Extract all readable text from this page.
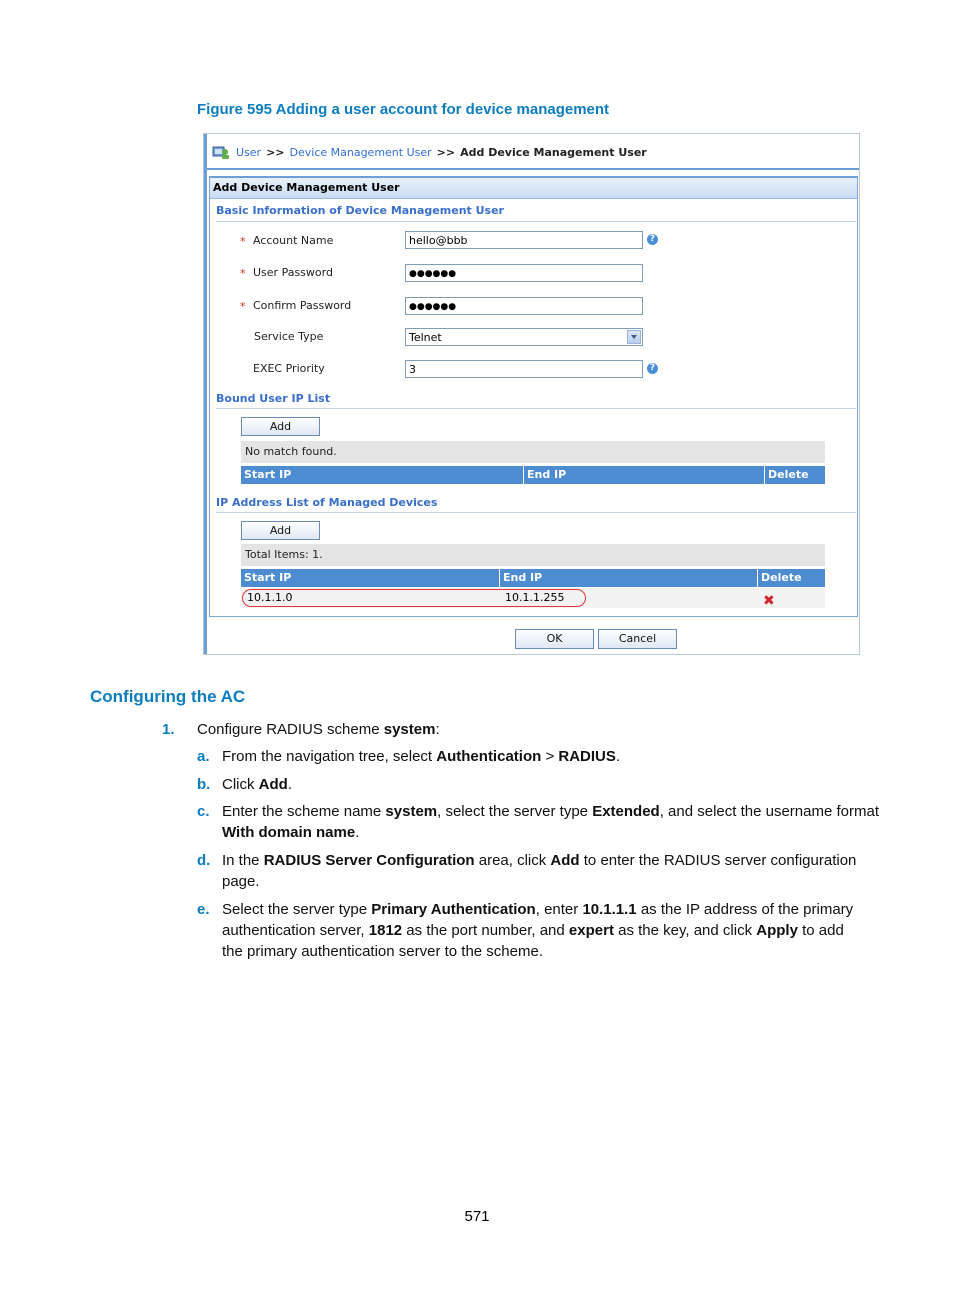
Figure 595 Adding a user account for device management
User >> Device Management User >> Add Device Management User
Add Device Management User
Basic Information of Device Management User
* Account Name	hello@bbb	?
* User Password	●●●●●●
* Confirm Password	●●●●●●
Service Type	Telnet
EXEC Priority	3	?
Bound User IP List
Add
No match found.
Start IP	End IP	Delete
IP Address List of Managed Devices
Add
Total Items: 1.
Start IP	End IP	Delete
10.1.1.0	10.1.1.255	✖
OK	Cancel
Configuring the AC
1. Configure RADIUS scheme system:
a. From the navigation tree, select Authentication > RADIUS.
b. Click Add.
c. Enter the scheme name system, select the server type Extended, and select the username format
With domain name.
d. In the RADIUS Server Configuration area, click Add to enter the RADIUS server configuration
page.
e. Select the server type Primary Authentication, enter 10.1.1.1 as the IP address of the primary
authentication server, 1812 as the port number, and expert as the key, and click Apply to add
the primary authentication server to the scheme.
571
